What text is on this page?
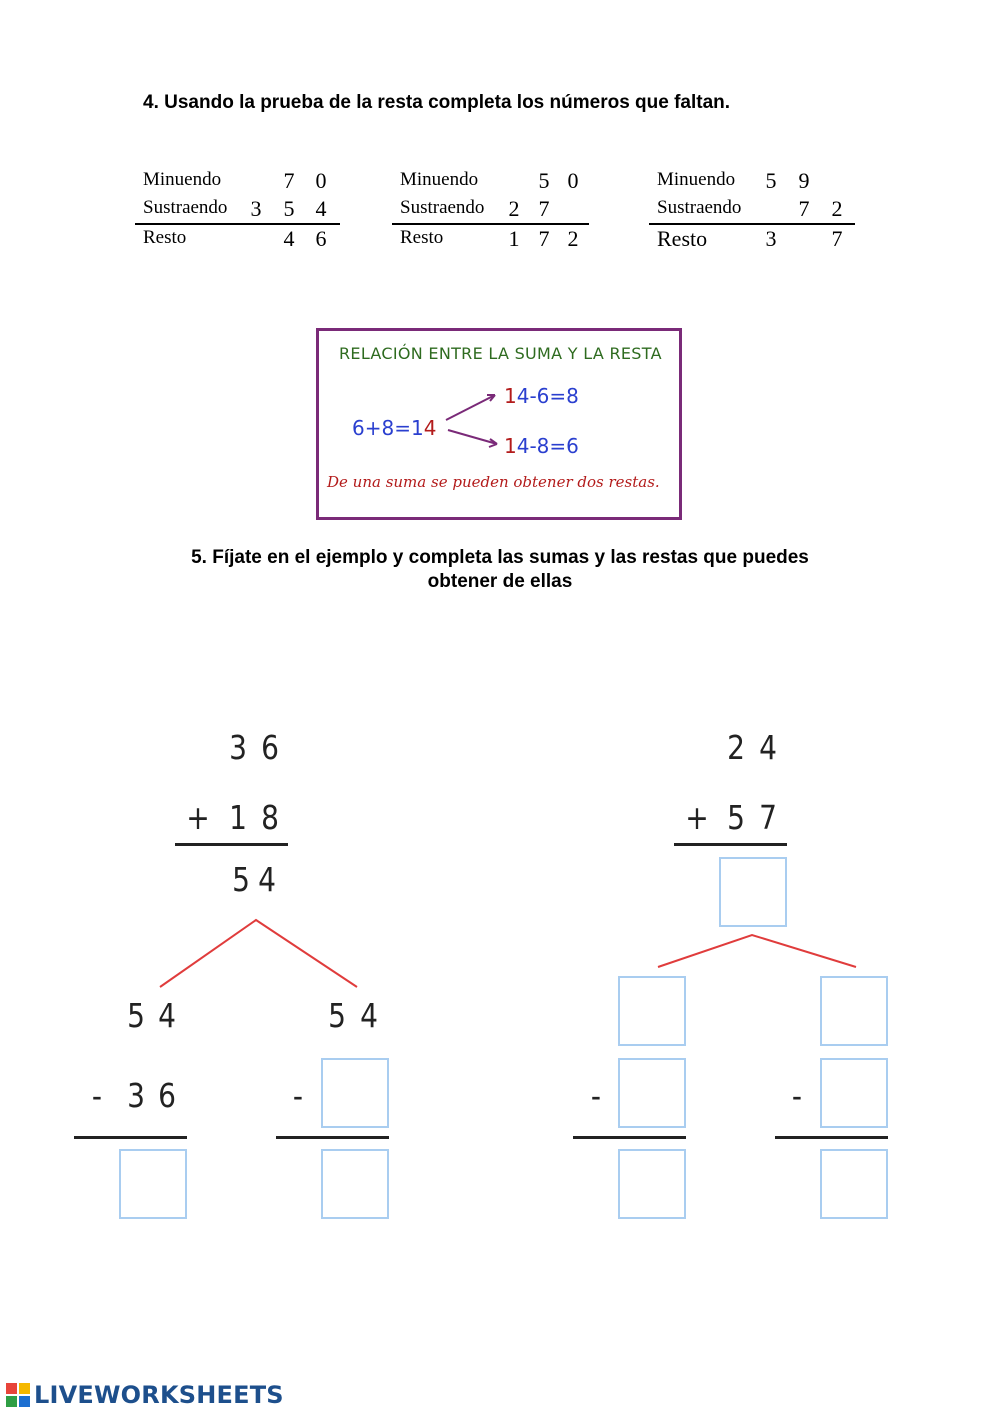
4. Usando la prueba de la resta completa los números que faltan.
Minuendo
Sustraendo
Resto
3
7
5
4
0
4
6
Minuendo
Sustraendo
Resto
2
1
5
7
7
0
2
Minuendo
Sustraendo
Resto
5
3
9
7 2
7
RELACIÓN ENTRE LA SUMA Y LA RESTA
6+8=14
14-6=8
14-8=6
De una suma se pueden obtener dos restas.
5. Fíjate en el ejemplo y completa las sumas y las restas que puedes
obtener de ellas
3 6
+ 1 8
5 4
5 4
- 3 6
5 4
-
2 4
+ 5 7
-	-
LIVEWORKSHEETS
